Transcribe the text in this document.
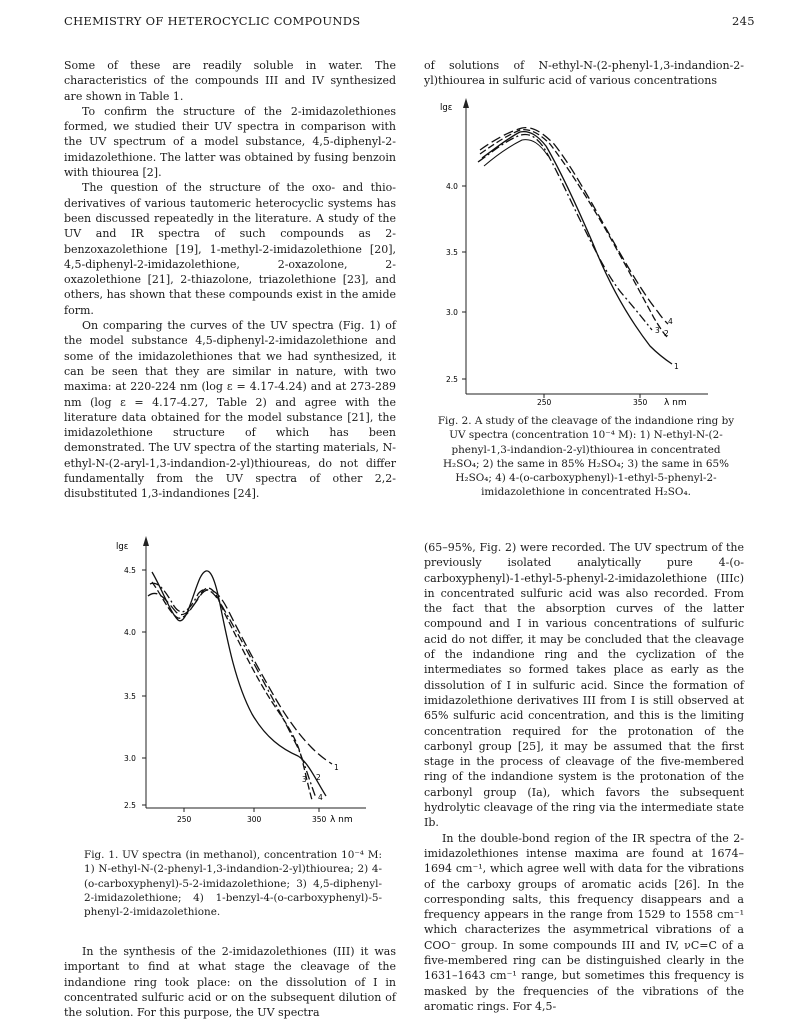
CHEMISTRY OF HETEROCYCLIC COMPOUNDS	245

Some of these are readily soluble in water. The characteristics of the compounds III and IV synthesized are shown in Table 1.

To confirm the structure of the 2-imidazolethiones formed, we studied their UV spectra in comparison with the UV spectrum of a model substance, 4,5-diphenyl-2-imidazolethione. The latter was obtained by fusing benzoin with thiourea [2].

The question of the structure of the oxo- and thio-derivatives of various tautomeric heterocyclic systems has been discussed repeatedly in the literature. A study of the UV and IR spectra of such compounds as 2-benzoxazolethione [19], 1-methyl-2-imidazolethione [20], 4,5-diphenyl-2-imidazolethione, 2-oxazolone, 2-oxazolethione [21], 2-thiazolone, triazolethione [23], and others, has shown that these compounds exist in the amide form.

On comparing the curves of the UV spectra (Fig. 1) of the model substance 4,5-diphenyl-2-imidazolethione and some of the imidazolethiones that we had synthesized, it can be seen that they are similar in nature, with two maxima: at 220-224 nm (log ε = 4.17-4.24) and at 273-289 nm (log ε = 4.17-4.27, Table 2) and agree with the literature data obtained for the model substance [21], the imidazolethione structure of which has been demonstrated. The UV spectra of the starting materials, N-ethyl-N-(2-aryl-1,3-indandion-2-yl)thioureas, do not differ fundamentally from the UV spectra of other 2,2-disubstituted 1,3-indandiones [24].

lgε
4.5
4.0
3.5
3.0
2.5
250	300	350 λ nm
1
2
3
4
Fig. 1. UV spectra (in methanol), concentration 10⁻⁴ M: 1) N-ethyl-N-(2-phenyl-1,3-indandion-2-yl)thiourea; 2) 4-(o-carboxyphenyl)-5-2-imidazolethione; 3) 4,5-diphenyl-2-imidazolethione; 4) 1-benzyl-4-(o-carboxyphenyl)-5-phenyl-2-imidazolethione.

In the synthesis of the 2-imidazolethiones (III) it was important to find at what stage the cleavage of the indandione ring took place: on the dissolution of I in concentrated sulfuric acid or on the subsequent dilution of the solution. For this purpose, the UV spectra

of solutions of N-ethyl-N-(2-phenyl-1,3-indandion-2-yl)thiourea in sulfuric acid of various concentrations

lgε
4.0
3.5
3.0
2.5
250	350 λ nm
1
2
3
4
Fig. 2. A study of the cleavage of the indandione ring by UV spectra (concentration 10⁻⁴ M): 1) N-ethyl-N-(2-phenyl-1,3-indandion-2-yl)thiourea in concentrated H₂SO₄; 2) the same in 85% H₂SO₄; 3) the same in 65% H₂SO₄; 4) 4-(o-carboxyphenyl)-1-ethyl-5-phenyl-2-imidazolethione in concentrated H₂SO₄.

(65–95%, Fig. 2) were recorded. The UV spectrum of the previously isolated analytically pure 4-(o-carboxyphenyl)-1-ethyl-5-phenyl-2-imidazolethione (IIIc) in concentrated sulfuric acid was also recorded. From the fact that the absorption curves of the latter compound and I in various concentrations of sulfuric acid do not differ, it may be concluded that the cleavage of the indandione ring and the cyclization of the intermediates so formed takes place as early as the dissolution of I in sulfuric acid. Since the formation of imidazolethione derivatives III from I is still observed at 65% sulfuric acid concentration, and this is the limiting concentration required for the protonation of the carbonyl group [25], it may be assumed that the first stage in the process of cleavage of the five-membered ring of the indandione system is the protonation of the carbonyl group (Ia), which favors the subsequent hydrolytic cleavage of the ring via the intermediate state Ib.

In the double-bond region of the IR spectra of the 2-imidazolethiones intense maxima are found at 1674–1694 cm⁻¹, which agree well with data for the vibrations of the carboxy groups of aromatic acids [26]. In the corresponding salts, this frequency disappears and a frequency appears in the range from 1529 to 1558 cm⁻¹ which characterizes the asymmetrical vibrations of a COO⁻ group. In some compounds III and IV, νC=C of a five-membered ring can be distinguished clearly in the 1631–1643 cm⁻¹ range, but sometimes this frequency is masked by the frequencies of the vibrations of the aromatic rings. For 4,5-
